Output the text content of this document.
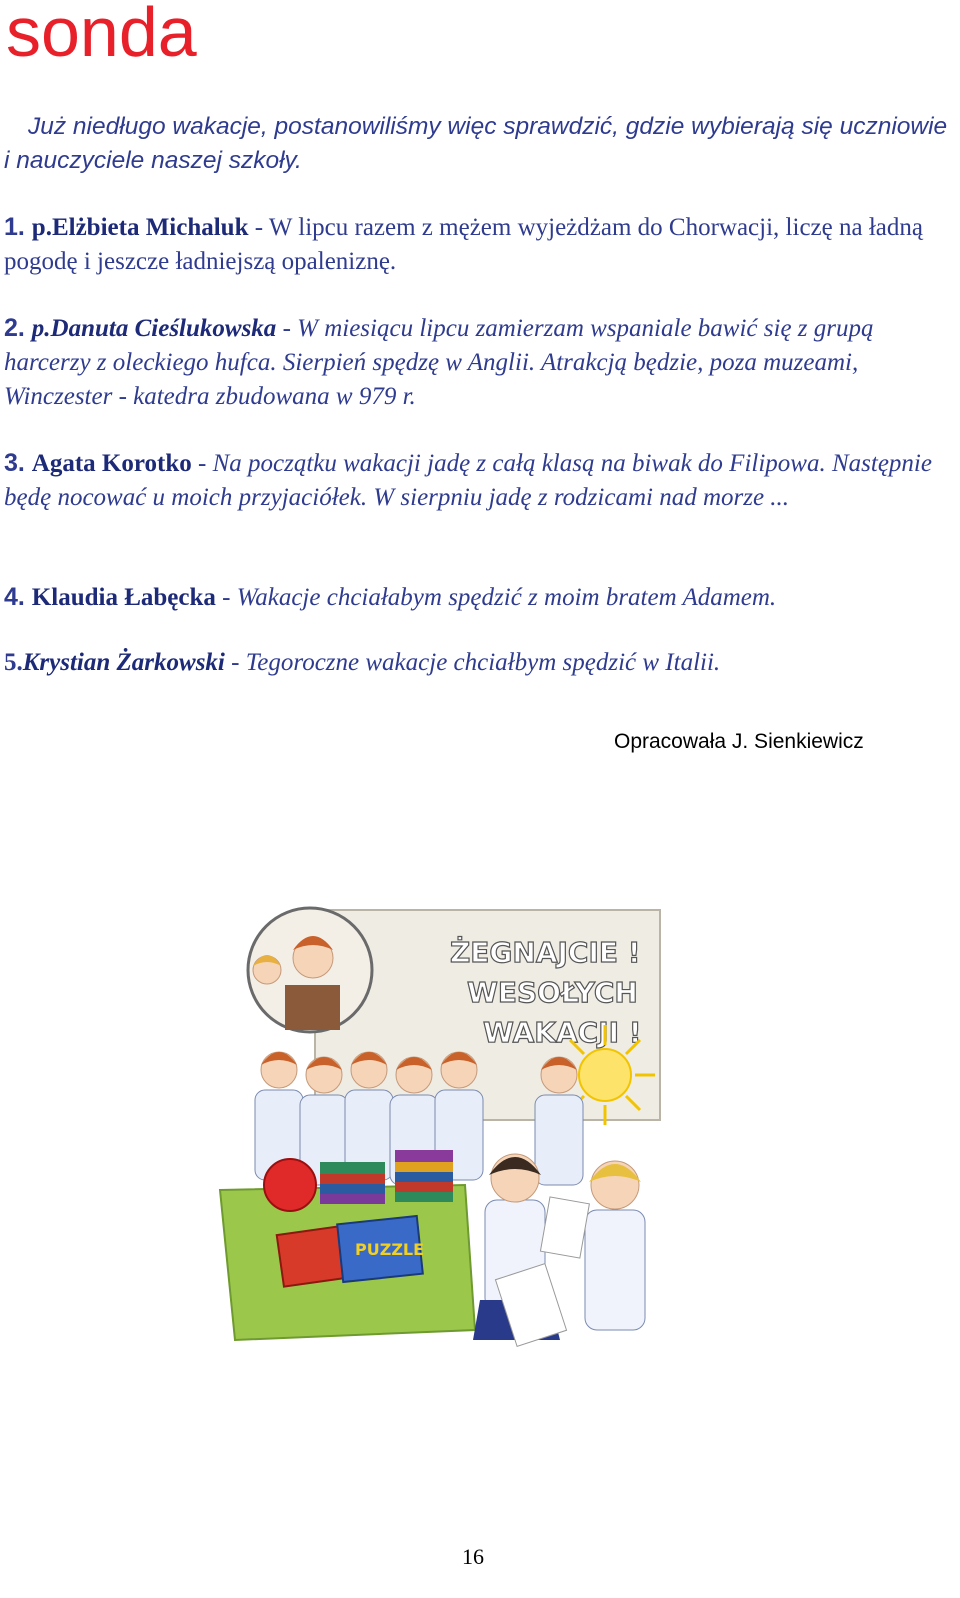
sonda

Już niedługo wakacje, postanowiliśmy więc sprawdzić, gdzie wybierają się uczniowie i nauczyciele naszej szkoły.

1. p.Elżbieta Michaluk - W lipcu razem z mężem wyjeżdżam do Chorwacji, liczę na ładną pogodę i jeszcze ładniejszą opaleniznę.

2. p.Danuta Cieślukowska - W miesiącu lipcu zamierzam wspaniale bawić się z grupą harcerzy z oleckiego hufca. Sierpień spędzę w Anglii. Atrakcją będzie, poza muzeami, Winczester - katedra zbudowana w 979 r.

3. Agata Korotko - Na początku wakacji jadę z całą klasą na biwak do Filipowa. Następnie będę nocować u moich przyjaciółek. W sierpniu jadę z rodzicami nad morze ...

4. Klaudia Łabęcka - Wakacje chciałabym spędzić z moim bratem Adamem.

5.Krystian Żarkowski - Tegoroczne wakacje chciałbym spędzić w Italii.

Opracowała J. Sienkiewicz
ŻEGNAJCIE !
WESOŁYCH
WAKACJI !
PUZZLE
16
